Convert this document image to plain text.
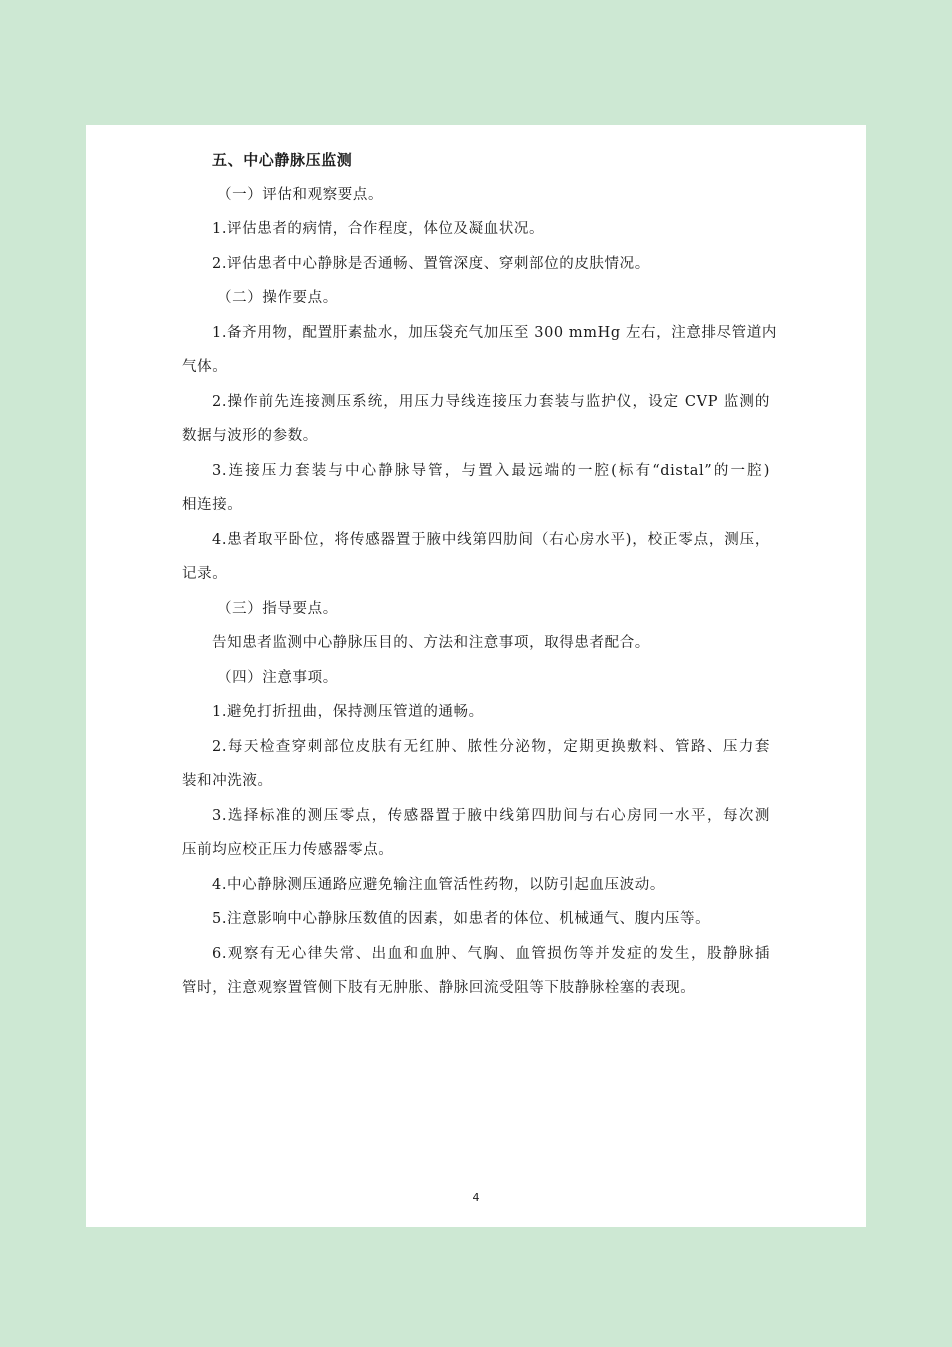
五、中心静脉压监测
（一）评估和观察要点。
1.评估患者的病情，合作程度，体位及凝血状况。
2.评估患者中心静脉是否通畅、置管深度、穿刺部位的皮肤情况。
（二）操作要点。
1.备齐用物，配置肝素盐水，加压袋充气加压至 300 mmHg 左右，注意排尽管道内
气体。
2.操作前先连接测压系统，用压力导线连接压力套装与监护仪，设定 CVP 监测的
数据与波形的参数。
3.连接压力套装与中心静脉导管，与置入最远端的一腔(标有“distal”的一腔)
相连接。
4.患者取平卧位，将传感器置于腋中线第四肋间（右心房水平)，校正零点，测压，
记录。
（三）指导要点。
告知患者监测中心静脉压目的、方法和注意事项，取得患者配合。
（四）注意事项。
1.避免打折扭曲，保持测压管道的通畅。
2.每天检查穿刺部位皮肤有无红肿、脓性分泌物，定期更换敷料、管路、压力套
装和冲洗液。
3.选择标准的测压零点，传感器置于腋中线第四肋间与右心房同一水平，每次测
压前均应校正压力传感器零点。
4.中心静脉测压通路应避免输注血管活性药物，以防引起血压波动。
5.注意影响中心静脉压数值的因素，如患者的体位、机械通气、腹内压等。
6.观察有无心律失常、出血和血肿、气胸、血管损伤等并发症的发生，股静脉插
管时，注意观察置管侧下肢有无肿胀、静脉回流受阻等下肢静脉栓塞的表现。
4
